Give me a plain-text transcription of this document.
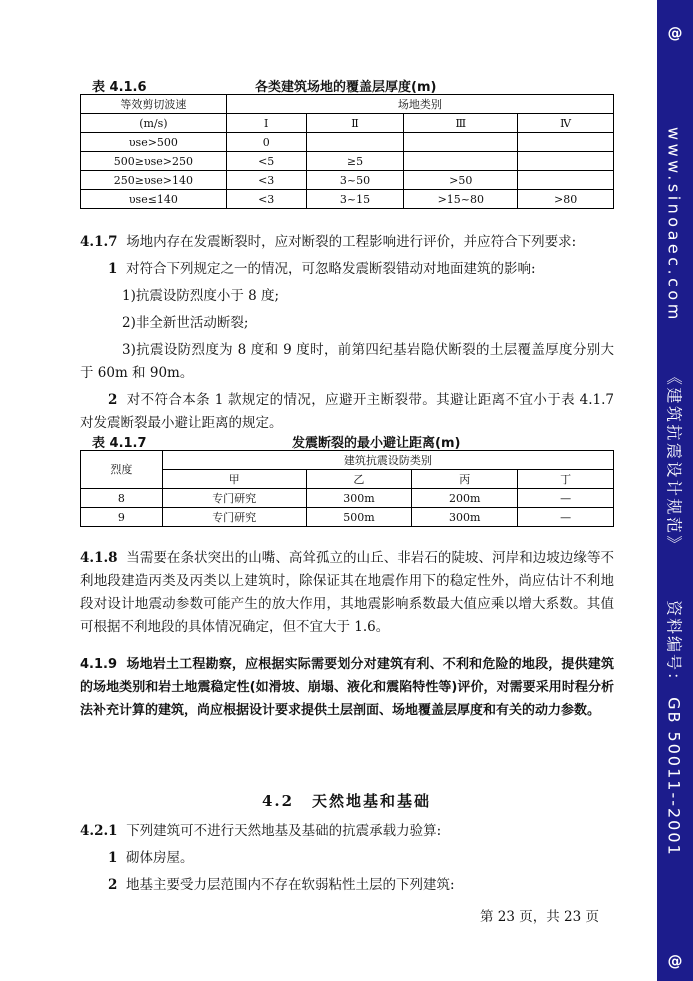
@
www.sinoaec.com 《建筑抗震设计规范》 资料编号： GB 50011--2001
@
表 4.1.6	各类建筑场地的覆盖层厚度(m)
等效剪切波速	场地类别			
(m/s)	I	Ⅱ	Ⅲ	Ⅳ
υse>500	0			
500≥υse>250	<5	≥5		
250≥υse>140	<3	3~50	>50	
υse≤140	<3	3~15	>15~80	>80
4.1.7 场地内存在发震断裂时，应对断裂的工程影响进行评价，并应符合下列要求:
1 对符合下列规定之一的情况，可忽略发震断裂错动对地面建筑的影响:
1)抗震设防烈度小于 8 度;
2)非全新世活动断裂;
3)抗震设防烈度为 8 度和 9 度时，前第四纪基岩隐伏断裂的土层覆盖厚度分别大于 60m 和 90m。
2 对不符合本条 1 款规定的情况，应避开主断裂带。其避让距离不宜小于表 4.1.7 对发震断裂最小避让距离的规定。
表 4.1.7	发震断裂的最小避让距离(m)
烈度	建筑抗震设防类别			
	甲	乙	丙	丁
8	专门研究	300m	200m	—
9	专门研究	500m	300m	—
4.1.8 当需要在条状突出的山嘴、高耸孤立的山丘、非岩石的陡坡、河岸和边坡边缘等不利地段建造丙类及丙类以上建筑时，除保证其在地震作用下的稳定性外，尚应估计不利地段对设计地震动参数可能产生的放大作用，其地震影响系数最大值应乘以增大系数。其值可根据不利地段的具体情况确定，但不宜大于 1.6。
4.1.9 场地岩土工程勘察，应根据实际需要划分对建筑有利、不利和危险的地段，提供建筑的场地类别和岩土地震稳定性(如滑坡、崩塌、液化和震陷特性等)评价，对需要采用时程分析法补充计算的建筑，尚应根据设计要求提供土层剖面、场地覆盖层厚度和有关的动力参数。
4.2 天然地基和基础
4.2.1 下列建筑可不进行天然地基及基础的抗震承载力验算:
1 砌体房屋。
2 地基主要受力层范围内不存在软弱粘性土层的下列建筑:
第 23 页，共 23 页
